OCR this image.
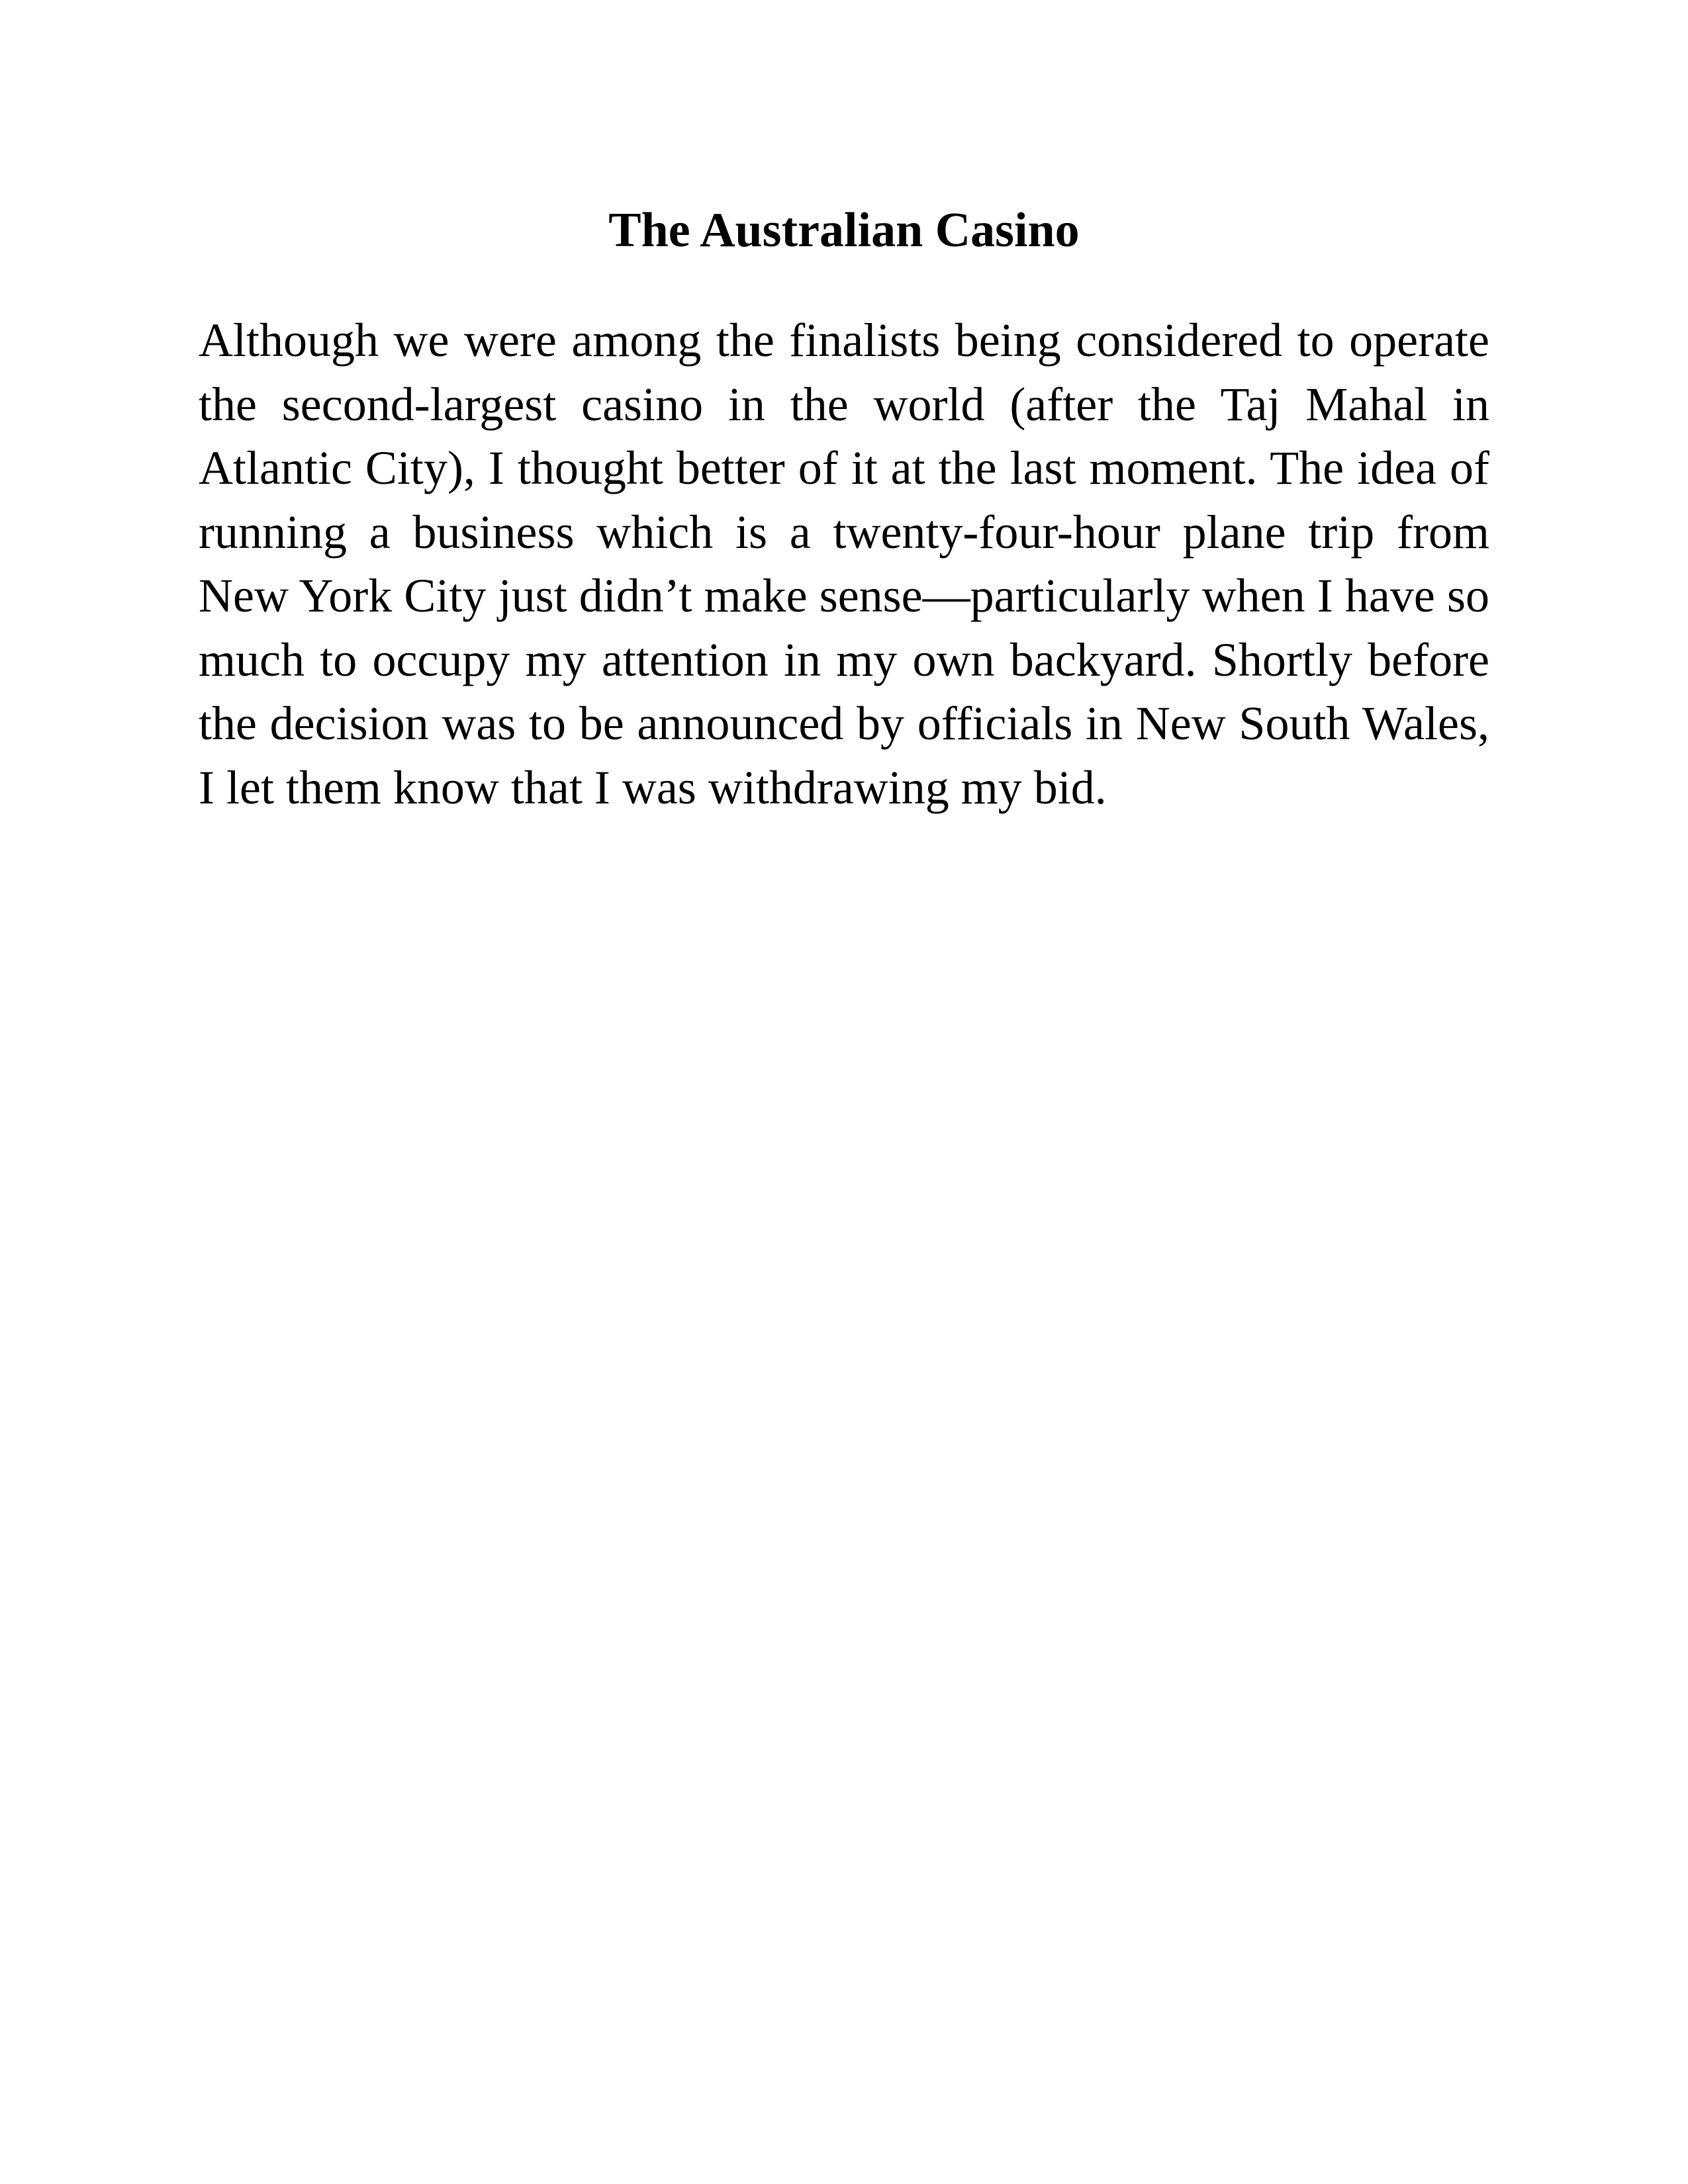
The Australian Casino

Although we were among the finalists being considered to operate the second-largest casino in the world (after the Taj Mahal in Atlantic City), I thought better of it at the last moment. The idea of running a business which is a twenty-four-hour plane trip from New York City just didn’t make sense—particularly when I have so much to occupy my attention in my own backyard. Shortly before the decision was to be announced by officials in New South Wales, I let them know that I was withdrawing my bid.
